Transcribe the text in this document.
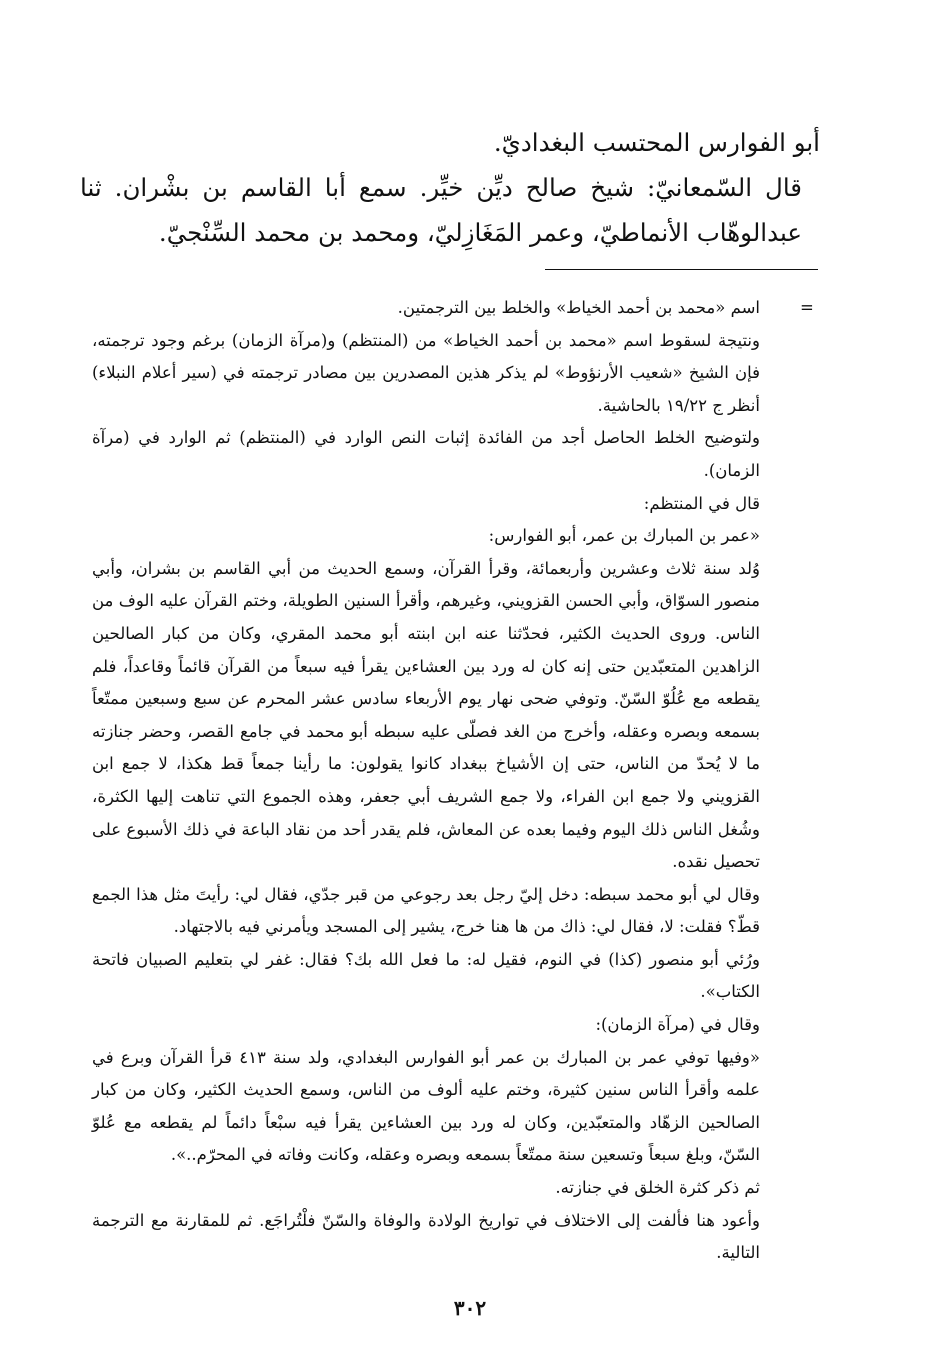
أبو الفوارس المحتسب البغداديّ.

قال السّمعانيّ: شيخ صالح ديِّن خيِّر. سمع أبا القاسم بن بشْران. ثنا عبدالوهّاب الأنماطيّ، وعمر المَغَازِليّ، ومحمد بن محمد السِّنْجيّ.

=

اسم «محمد بن أحمد الخياط» والخلط بين الترجمتين.

ونتيجة لسقوط اسم «محمد بن أحمد الخياط» من (المنتظم) و(مرآة الزمان) برغم وجود ترجمته، فإن الشيخ «شعيب الأرنؤوط» لم يذكر هذين المصدرين بين مصادر ترجمته في (سير أعلام النبلاء) أنظر ج ١٩/٢٢ بالحاشية.

ولتوضيح الخلط الحاصل أجد من الفائدة إثبات النص الوارد في (المنتظم) ثم الوارد في (مرآة الزمان).

قال في المنتظم:

«عمر بن المبارك بن عمر، أبو الفوارس:

وُلد سنة ثلاث وعشرين وأربعمائة، وقرأ القرآن، وسمع الحديث من أبي القاسم بن بشران، وأبي منصور السوّاق، وأبي الحسن القزويني، وغيرهم، وأقرأ السنين الطويلة، وختم القرآن عليه الوف من الناس. وروى الحديث الكثير، فحدّثنا عنه ابن ابنته أبو محمد المقري، وكان من كبار الصالحين الزاهدين المتعبّدين حتى إنه كان له ورد بين العشاءين يقرأ فيه سبعاً من القرآن قائماً وقاعداً، فلم يقطعه مع عُلُوّ السّنّ. وتوفي ضحى نهار يوم الأربعاء سادس عشر المحرم عن سبع وسبعين ممتّعاً بسمعه وبصره وعقله، وأخرج من الغد فصلّى عليه سبطه أبو محمد في جامع القصر، وحضر جنازته ما لا يُحدّ من الناس، حتى إن الأشياخ ببغداد كانوا يقولون: ما رأينا جمعاً قط هكذا، لا جمع ابن القزويني ولا جمع ابن الفراء، ولا جمع الشريف أبي جعفر، وهذه الجموع التي تناهت إليها الكثرة، وشُغل الناس ذلك اليوم وفيما بعده عن المعاش، فلم يقدر أحد من نقاد الباعة في ذلك الأسبوع على تحصيل نقده.

وقال لي أبو محمد سبطه: دخل إليّ رجل بعد رجوعي من قبر جدّي، فقال لي: رأيتَ مثل هذا الجمع قطّ؟ فقلت: لا، فقال لي: ذاك من ها هنا خرج، يشير إلى المسجد ويأمرني فيه بالاجتهاد.

ورُئي أبو منصور (كذا) في النوم، فقيل له: ما فعل الله بك؟ فقال: غفر لي بتعليم الصبيان فاتحة الكتاب».

وقال في (مرآة الزمان):

«وفيها توفي عمر بن المبارك بن عمر أبو الفوارس البغدادي، ولد سنة ٤١٣ قرأ القرآن وبرع في علمه وأقرأ الناس سنين كثيرة، وختم عليه ألوف من الناس، وسمع الحديث الكثير، وكان من كبار الصالحين الزهّاد والمتعبّدين، وكان له ورد بين العشاءين يقرأ فيه سبْعاً دائماً لم يقطعه مع عُلوّ السّنّ، وبلغ سبعاً وتسعين سنة ممتّعاً بسمعه وبصره وعقله، وكانت وفاته في المحرّم..».

ثم ذكر كثرة الخلق في جنازته.

وأعود هنا فألفت إلى الاختلاف في تواريخ الولادة والوفاة والسّنّ فلْتُراجَع. ثم للمقارنة مع الترجمة التالية.

٣٠٢
